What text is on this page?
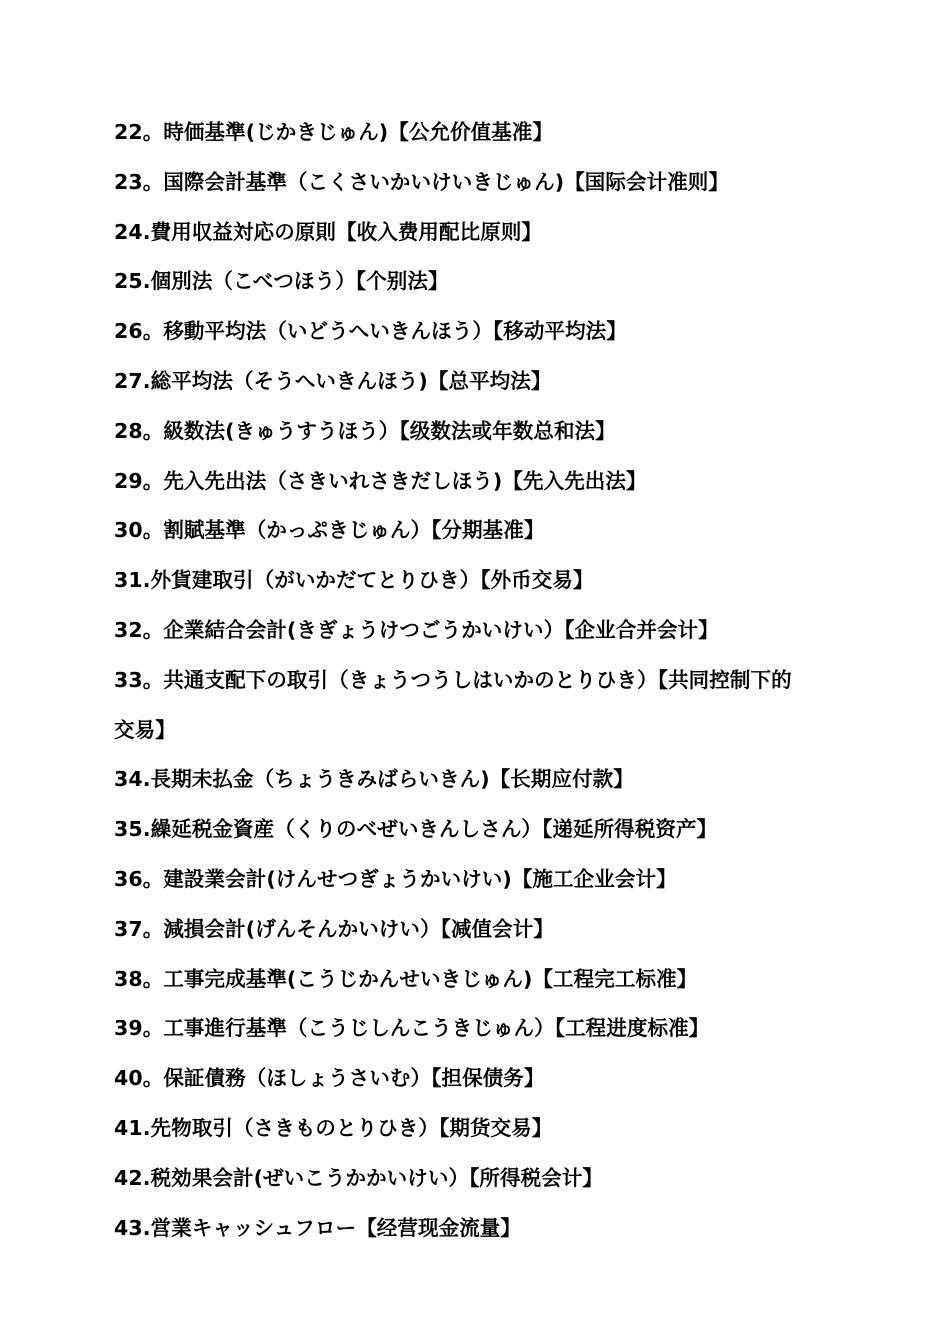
22。時価基準(じかきじゅん)【公允价值基准】
23。国際会計基準（こくさいかいけいきじゅん)【国际会计准则】
24.費用収益対応の原則【收入费用配比原则】
25.個別法（こべつほう）【个别法】
26。移動平均法（いどうへいきんほう）【移动平均法】
27.総平均法（そうへいきんほう)【总平均法】
28。級数法(きゅうすうほう）【级数法或年数总和法】
29。先入先出法（さきいれさきだしほう)【先入先出法】
30。割賦基準（かっぷきじゅん）【分期基准】
31.外貨建取引（がいかだてとりひき）【外币交易】
32。企業結合会計(きぎょうけつごうかいけい）【企业合并会计】
33。共通支配下の取引（きょうつうしはいかのとりひき）【共同控制下的
交易】
34.長期未払金（ちょうきみばらいきん)【长期应付款】
35.繰延税金資産（くりのべぜいきんしさん）【递延所得税资产】
36。建設業会計(けんせつぎょうかいけい)【施工企业会计】
37。減損会計(げんそんかいけい）【减值会计】
38。工事完成基準(こうじかんせいきじゅん)【工程完工标准】
39。工事進行基準（こうじしんこうきじゅん）【工程进度标准】
40。保証債務（ほしょうさいむ）【担保债务】
41.先物取引（さきものとりひき）【期货交易】
42.税効果会計(ぜいこうかかいけい）【所得税会计】
43.営業キャッシュフロー【经营现金流量】
